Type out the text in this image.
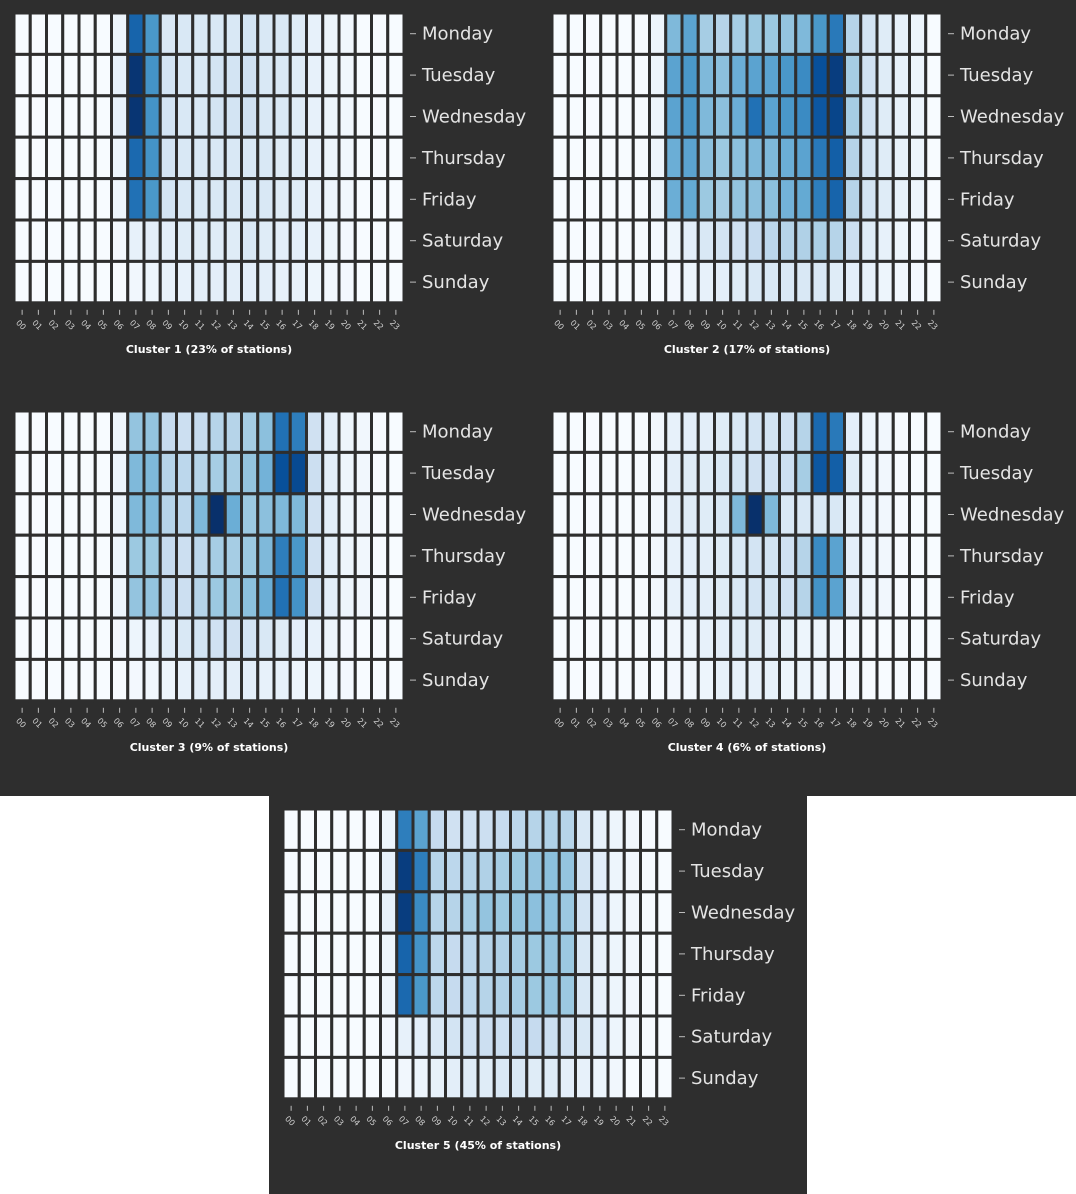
Monday
Tuesday
Wednesday
Thursday
Friday
Saturday
Sunday
00 01 02 03 04 05 06 07 08 09 10 11 12 13 14 15 16 17 18 19 20 21 22 23
Cluster 1 (23% of stations)
Monday
Tuesday
Wednesday
Thursday
Friday
Saturday
Sunday
00 01 02 03 04 05 06 07 08 09 10 11 12 13 14 15 16 17 18 19 20 21 22 23
Cluster 2 (17% of stations)
Monday
Tuesday
Wednesday
Thursday
Friday
Saturday
Sunday
00 01 02 03 04 05 06 07 08 09 10 11 12 13 14 15 16 17 18 19 20 21 22 23
Cluster 3 (9% of stations)
Monday
Tuesday
Wednesday
Thursday
Friday
Saturday
Sunday
00 01 02 03 04 05 06 07 08 09 10 11 12 13 14 15 16 17 18 19 20 21 22 23
Cluster 4 (6% of stations)
Monday
Tuesday
Wednesday
Thursday
Friday
Saturday
Sunday
00 01 02 03 04 05 06 07 08 09 10 11 12 13 14 15 16 17 18 19 20 21 22 23
Cluster 5 (45% of stations)
